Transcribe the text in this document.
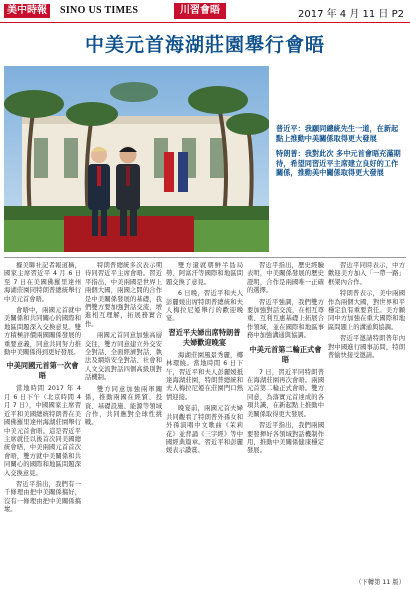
美中時報	SINO US TIMES	川習會晤	2017 年 4 月 11 日 P2
中美元首海湖莊園舉行會晤

普近平：我願同總統先生一道，在新起點上推動中美關係取得更大發展

特朗普：我對此次 多中元首會晤充滿期待，希望同習近平主席建立良好的工作關係，推動美中關係取得更大發展

據美聯社記者報道稱，國家主席習近平 4 月 6 日至 7 日在美國佛羅里達州海湖莊園同特朗普總統舉行中美元首會晤。

會晤中，兩國元首就中美關係和共同關心的國際和地區問題深入交換意見。雙方積極評價兩國關係發展的重要意義，同意共同努力推動中美關係得到更好發展。

中美同國元首第一次會晤

當地時間 2017 年 4 月 6 日下午（北京時間 4 月 7 日），中國國家主席習近平和美國總統特朗普在美國佛羅里達州海湖莊園舉行中美元首會晤。這是習近平主席就任以後首次同美國總統會晤，中美兩國元首首次會晤，雙方就中美關係和共同關心的國際和地區問題深入交換意見。

習近平指出，我們有一千條理由把中美關係搞好，沒有一條理由把中美關係搞壞。

特朗普總統多次表示期待同習近平主席會晤。習近平指出，中美兩國是世界上兩個大國，兩國之間的合作是中美關係發展的基礎，我們雙方要加強對話交流，增進相互理解，拓展務實合作。

兩國元首同意加強高層交往，雙方同意建立外交安全對話、全面經濟對話、執法及網絡安全對話、社會和人文交流對話四個高級別對話機制。

雙方同意加強兩軍關係，推動兩國在經貿、投資、基礎設施、能源等領域合作，共同應對全球性挑戰。

雙方還就朝鮮半島局勢、阿富汗等國際和地區問題交換了意見。

6 日晚，習近平和夫人彭麗媛出席特朗普總統和夫人梅拉尼婭舉行的歡迎晚宴。

習近平夫婦出席特朗普夫婦歡迎晚宴

海湖莊園風景秀麗，椰林環繞。當地時間 6 日下午，習近平和夫人彭麗媛抵達海湖莊園，特朗普總統和夫人梅拉尼婭在莊園門口熱情迎接。

晚宴前，兩國元首夫婦共同觀看了特朗普外孫女和外孫演唱中文歌曲《茉莉花》並背誦《三字經》等中國經典篇章。習近平和彭麗媛表示讚賞。

習近平指出，歷史經驗表明，中美關係發展的歷史證明，合作是兩國唯一正確的選擇。

習近平強調，我們雙方要加強對話交流，在相互尊重、互利互惠基礎上拓展合作領域，並在國際和地區事務中加強溝通與協調。

中美元首第二輪正式會晤

7 日，習近平同特朗普在海湖莊園再次會晤。兩國元首第二輪正式會晤。雙方同意，為落實元首達成的各項共識，在新起點上推動中美關係取得更大發展。

習近平指出，我們兩國要發揮好各領域對話機制作用，推動中美關係健康穩定發展。

習近平同時表示，中方歡迎美方加入「一帶一路」框架內合作。

特朗普表示，美中兩國作為兩個大國，對世界和平穩定負有重要責任。美方願同中方加強在重大國際和地區問題上的溝通與協調。

習近平邀請特朗普年內對中國進行國事訪問，特朗普愉快接受邀請。

（下轉第 11 版）
